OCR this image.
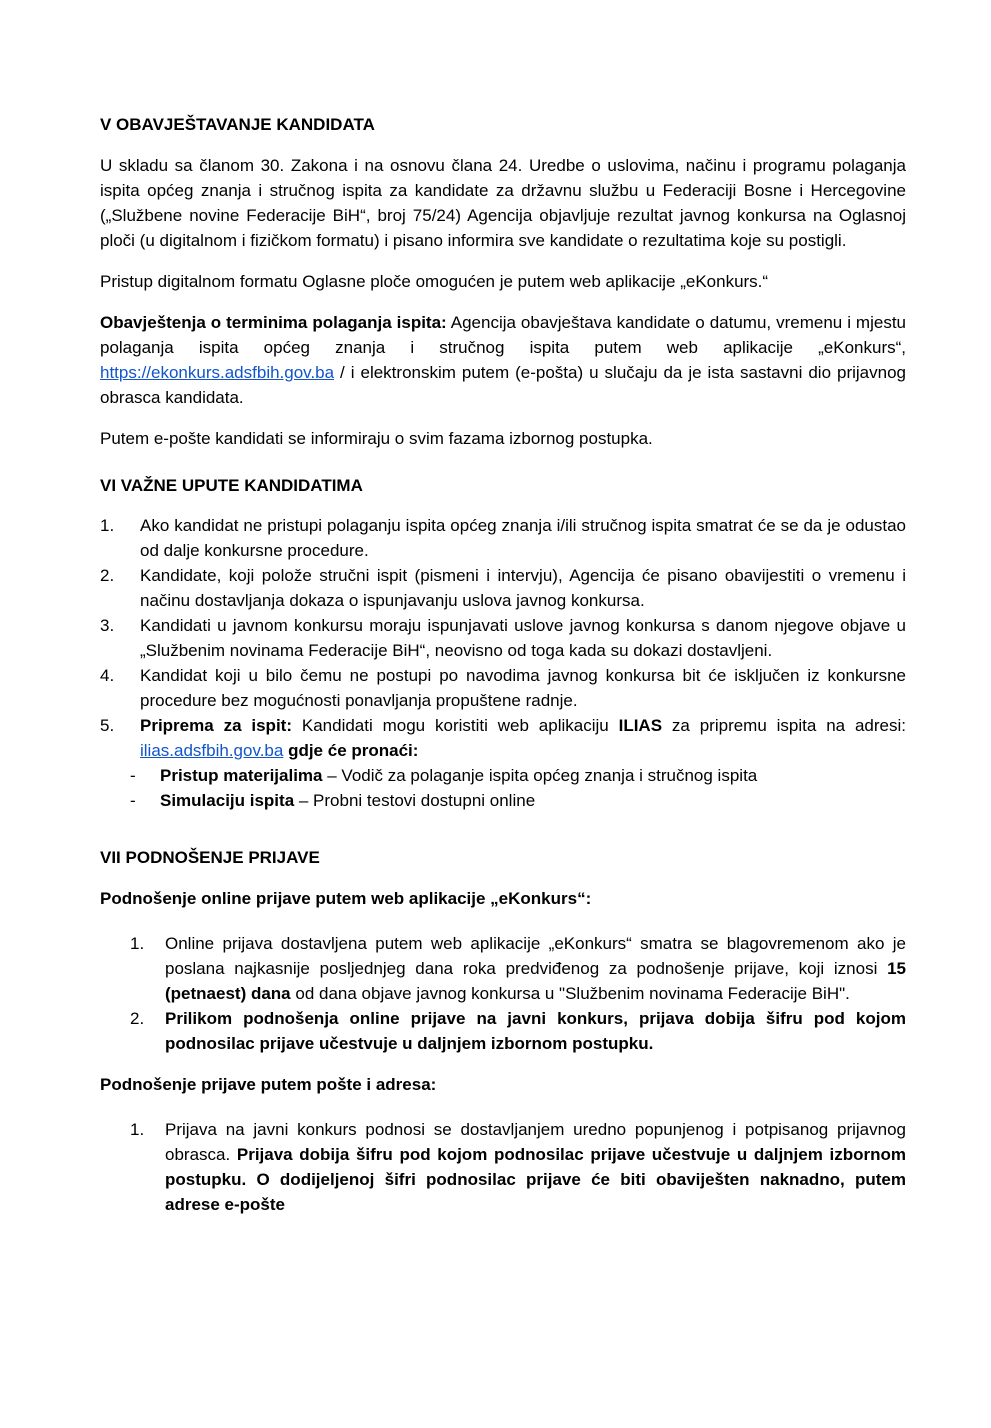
V OBAVJEŠTAVANJE KANDIDATA

U skladu sa članom 30. Zakona i na osnovu člana 24. Uredbe o uslovima, načinu i programu polaganja ispita općeg znanja i stručnog ispita za kandidate za državnu službu u Federaciji Bosne i Hercegovine („Službene novine Federacije BiH“, broj 75/24) Agencija objavljuje rezultat javnog konkursa na Oglasnoj ploči (u digitalnom i fizičkom formatu) i pisano informira sve kandidate o rezultatima koje su postigli.

Pristup digitalnom formatu Oglasne ploče omogućen je putem web aplikacije „eKonkurs.“

Obavještenja o terminima polaganja ispita: Agencija obavještava kandidate o datumu, vremenu i mjestu polaganja ispita općeg znanja i stručnog ispita putem web aplikacije „eKonkurs“, https://ekonkurs.adsfbih.gov.ba / i elektronskim putem (e-pošta) u slučaju da je ista sastavni dio prijavnog obrasca kandidata.

Putem e-pošte kandidati se informiraju o svim fazama izbornog postupka.

VI VAŽNE UPUTE KANDIDATIMA
1.	Ako kandidat ne pristupi polaganju ispita općeg znanja i/ili stručnog ispita smatrat će se da je odustao od dalje konkursne procedure.
2.	Kandidate, koji polože stručni ispit (pismeni i intervju), Agencija će pisano obavijestiti o vremenu i načinu dostavljanja dokaza o ispunjavanju uslova javnog konkursa.
3.	Kandidati u javnom konkursu moraju ispunjavati uslove javnog konkursa s danom njegove objave u „Službenim novinama Federacije BiH“, neovisno od toga kada su dokazi dostavljeni.
4.	Kandidat koji u bilo čemu ne postupi po navodima javnog konkursa bit će isključen iz konkursne procedure bez mogućnosti ponavljanja propuštene radnje.
5.	Priprema za ispit: Kandidati mogu koristiti web aplikaciju ILIAS za pripremu ispita na adresi: ilias.adsfbih.gov.ba gdje će pronaći:
-	Pristup materijalima – Vodič za polaganje ispita općeg znanja i stručnog ispita
-	Simulaciju ispita – Probni testovi dostupni online
VII PODNOŠENJE PRIJAVE

Podnošenje online prijave putem web aplikacije „eKonkurs“:

1.	Online prijava dostavljena putem web aplikacije „eKonkurs“ smatra se blagovremenom ako je poslana najkasnije posljednjeg dana roka predviđenog za podnošenje prijave, koji iznosi 15 (petnaest) dana od dana objave javnog konkursa u "Službenim novinama Federacije BiH".
2.	Prilikom podnošenja online prijave na javni konkurs, prijava dobija šifru pod kojom podnosilac prijave učestvuje u daljnjem izbornom postupku.

Podnošenje prijave putem pošte i adresa:

1.	Prijava na javni konkurs podnosi se dostavljanjem uredno popunjenog i potpisanog prijavnog obrasca. Prijava dobija šifru pod kojom podnosilac prijave učestvuje u daljnjem izbornom postupku. O dodijeljenoj šifri podnosilac prijave će biti obaviješten naknadno, putem adrese e-pošte
